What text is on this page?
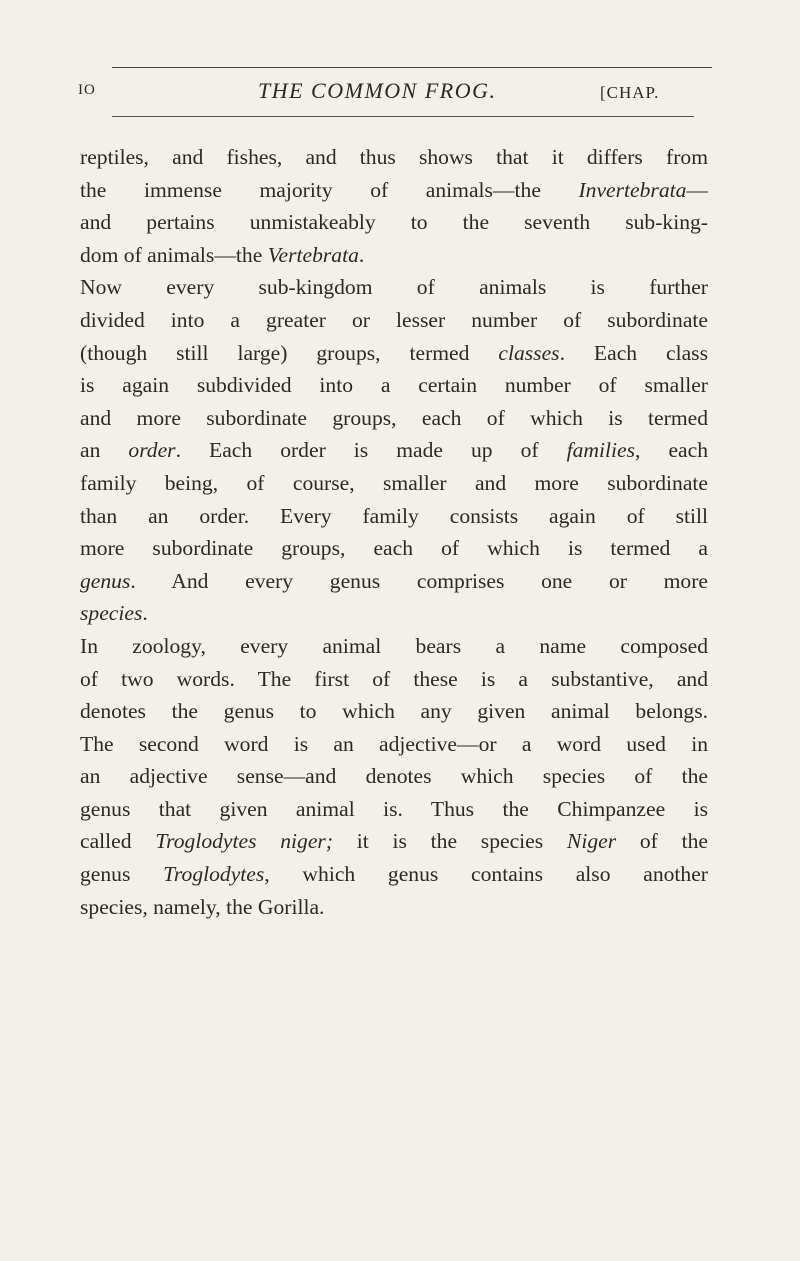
IO	THE COMMON FROG.	[CHAP.

reptiles, and fishes, and thus shows that it differs from
the immense majority of animals—the Invertebrata—
and pertains unmistakeably to the seventh sub-king-
dom of animals—the Vertebrata.

Now every sub-kingdom of animals is further
divided into a greater or lesser number of subordinate
(though still large) groups, termed classes. Each class
is again subdivided into a certain number of smaller
and more subordinate groups, each of which is termed
an order. Each order is made up of families, each
family being, of course, smaller and more subordinate
than an order. Every family consists again of still
more subordinate groups, each of which is termed a
genus. And every genus comprises one or more
species.

In zoology, every animal bears a name composed
of two words. The first of these is a substantive, and
denotes the genus to which any given animal belongs.
The second word is an adjective—or a word used in
an adjective sense—and denotes which species of the
genus that given animal is. Thus the Chimpanzee is
called Troglodytes niger; it is the species Niger of the
genus Troglodytes, which genus contains also another
species, namely, the Gorilla.
